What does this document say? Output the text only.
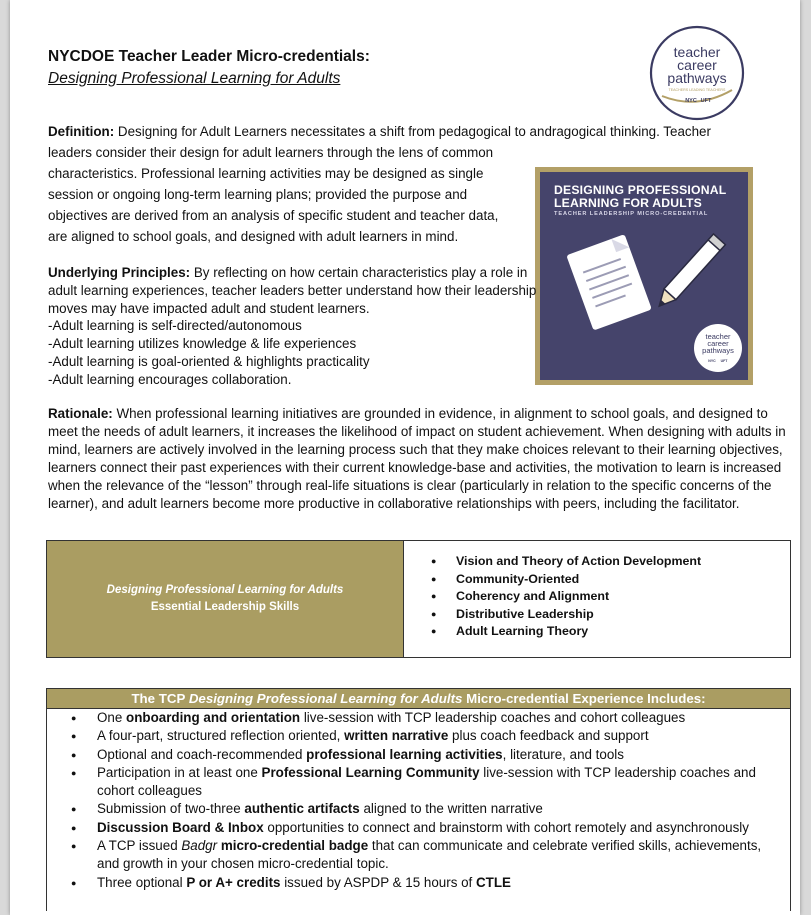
NYCDOE Teacher Leader Micro-credentials:
Designing Professional Learning for Adults
teacher
career
pathways
TEACHERS LEADING TEACHERS
NYC UFT
Definition: Designing for Adult Learners necessitates a shift from pedagogical to andragogical thinking. Teacher
leaders consider their design for adult learners through the lens of common characteristics. Professional learning activities may be designed as single session or ongoing long-term learning plans; provided the purpose and objectives are derived from an analysis of specific student and teacher data, are aligned to school goals, and designed with adult learners in mind.
teacher
career
pathways
NYC UFT
DESIGNING PROFESSIONAL
LEARNING FOR ADULTS
TEACHER LEADERSHIP MICRO-CREDENTIAL
Underlying Principles: By reflecting on how certain characteristics play a role in adult learning experiences, teacher leaders better understand how their leadership moves may have impacted adult and student learners.
-Adult learning is self-directed/autonomous
-Adult learning utilizes knowledge & life experiences
-Adult learning is goal-oriented & highlights practicality
-Adult learning encourages collaboration.
Rationale: When professional learning initiatives are grounded in evidence, in alignment to school goals, and designed to meet the needs of adult learners, it increases the likelihood of impact on student achievement. When designing with adults in mind, learners are actively involved in the learning process such that they make choices relevant to their learning objectives, learners connect their past experiences with their current knowledge-base and activities, the motivation to learn is increased when the relevance of the “lesson” through real-life situations is clear (particularly in relation to the specific concerns of the learner), and adult learners become more productive in collaborative relationships with peers, including the facilitator.
Designing Professional Learning for Adults
Essential Leadership Skills
● Vision and Theory of Action Development
● Community-Oriented
● Coherency and Alignment
● Distributive Leadership
● Adult Learning Theory
The TCP Designing Professional Learning for Adults Micro-credential Experience Includes:
● One onboarding and orientation live-session with TCP leadership coaches and cohort colleagues
● A four-part, structured reflection oriented, written narrative plus coach feedback and support
● Optional and coach-recommended professional learning activities, literature, and tools
● Participation in at least one Professional Learning Community live-session with TCP leadership coaches and cohort colleagues
● Submission of two-three authentic artifacts aligned to the written narrative
● Discussion Board & Inbox opportunities to connect and brainstorm with cohort remotely and asynchronously
● A TCP issued Badgr micro-credential badge that can communicate and celebrate verified skills, achievements, and growth in your chosen micro-credential topic.
● Three optional P or A+ credits issued by ASPDP & 15 hours of CTLE
